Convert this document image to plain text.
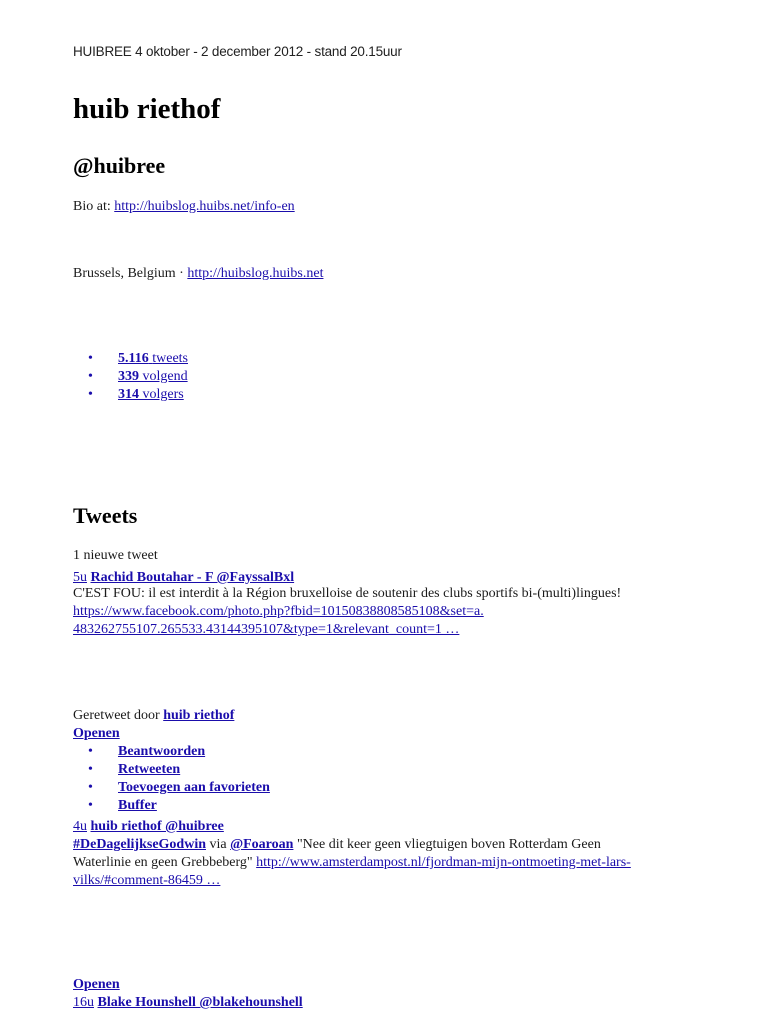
HUIBREE 4 oktober - 2 december 2012 - stand 20.15uur
huib riethof
@huibree
Bio at: http://huibslog.huibs.net/info-en
Brussels, Belgium · http://huibslog.huibs.net
• 5.116 tweets
• 339 volgend
• 314 volgers
Tweets
1 nieuwe tweet
5u Rachid Boutahar - F @FayssalBxl
C'EST FOU: il est interdit à la Région bruxelloise de soutenir des clubs sportifs bi-(multi)lingues!
https://www.facebook.com/photo.php?fbid=10150838808585108&set=a.
483262755107.265533.43144395107&type=1&relevant_count=1 …
Geretweet door huib riethof
Openen
• Beantwoorden
• Retweeten
• Toevoegen aan favorieten
• Buffer
4u huib riethof @huibree
#DeDagelijkseGodwin via @Foaroan "Nee dit keer geen vliegtuigen boven Rotterdam Geen
Waterlinie en geen Grebbeberg" http://www.amsterdampost.nl/fjordman-mijn-ontmoeting-met-lars-
vilks/#comment-86459 …
Openen
16u Blake Hounshell @blakehounshell
